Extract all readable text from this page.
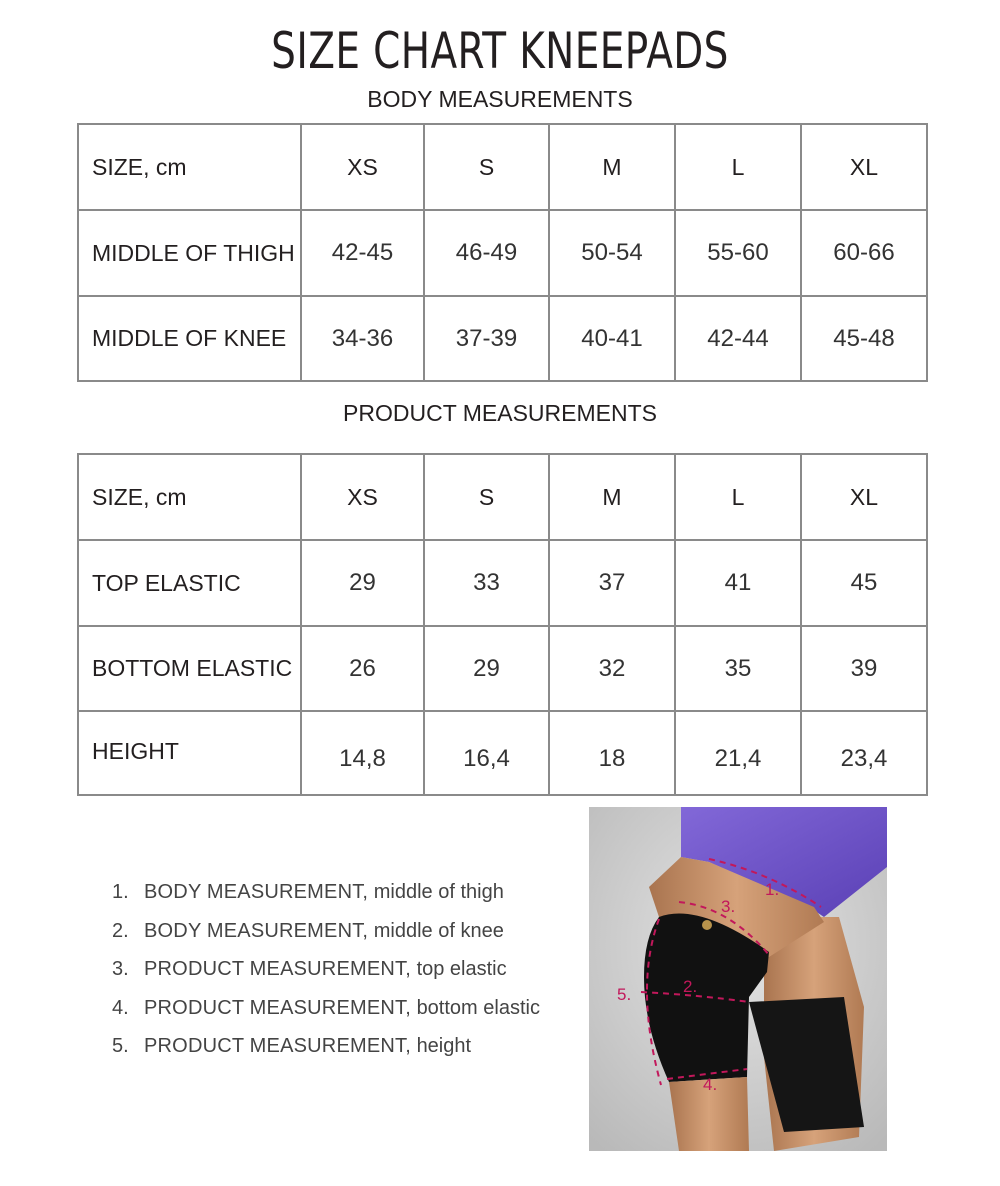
SIZE CHART KNEEPADS
BODY MEASUREMENTS
SIZE, cm	XS	S	M	L	XL
MIDDLE OF THIGH	42-45	46-49	50-54	55-60	60-66
MIDDLE OF KNEE	34-36	37-39	40-41	42-44	45-48
PRODUCT MEASUREMENTS
SIZE, cm	XS	S	M	L	XL
TOP ELASTIC	29	33	37	41	45
BOTTOM ELASTIC	26	29	32	35	39
HEIGHT	14,8	16,4	18	21,4	23,4
1. BODY MEASUREMENT, middle of thigh
2. BODY MEASUREMENT, middle of knee
3. PRODUCT MEASUREMENT, top elastic
4. PRODUCT MEASUREMENT, bottom elastic
5. PRODUCT MEASUREMENT, height
1.
2.
3.
4.
5.
